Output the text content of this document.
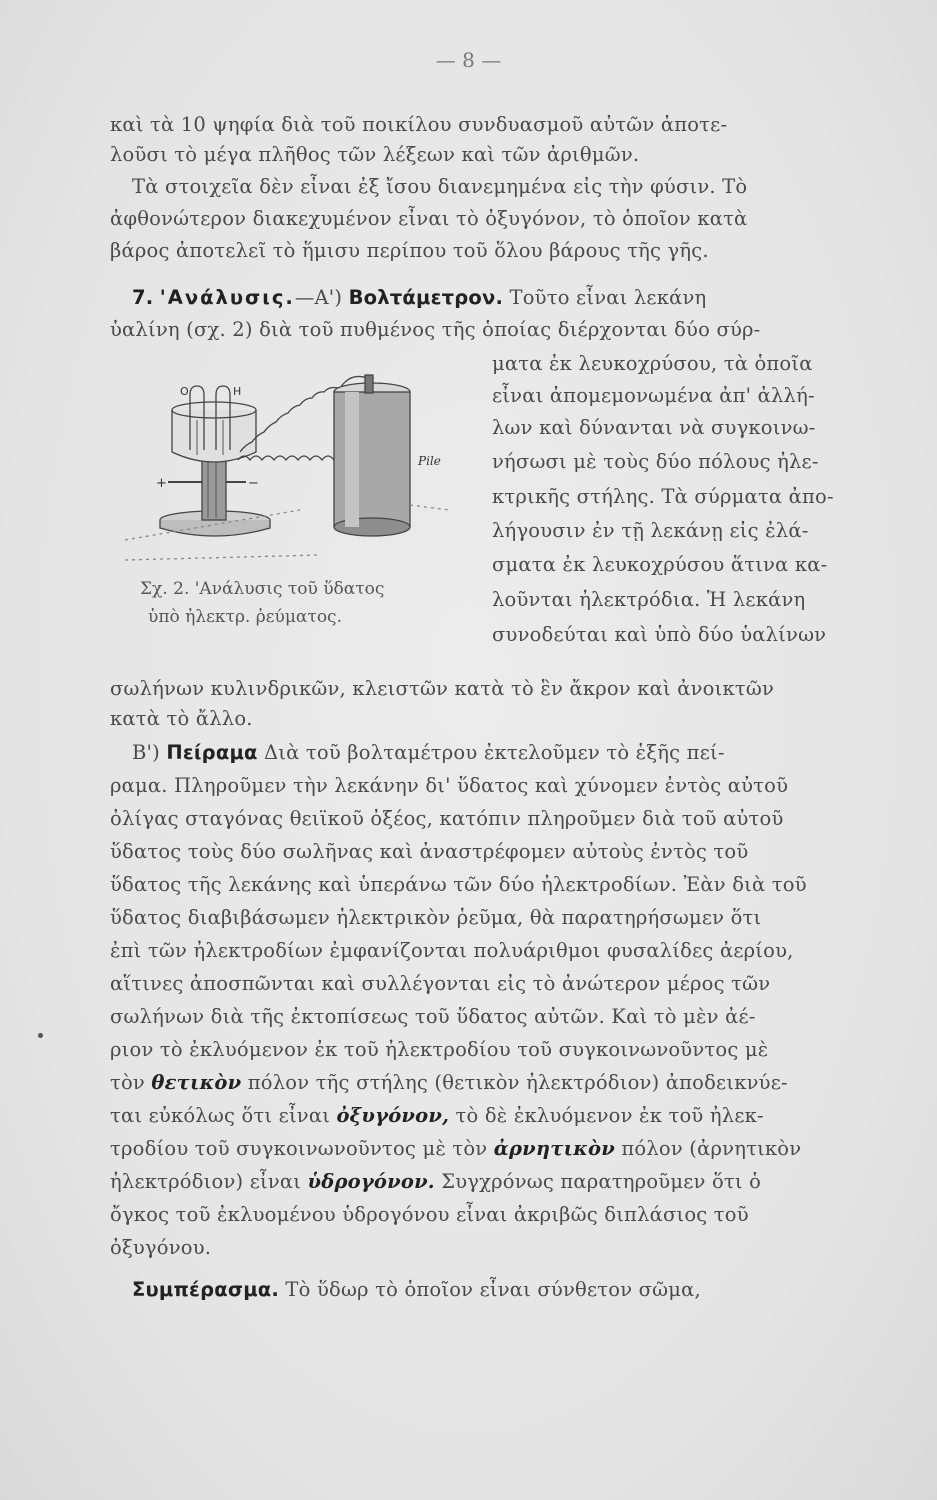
— 8 —
καὶ τὰ 10 ψηφία διὰ τοῦ ποικίλου συνδυασμοῦ αὐτῶν ἀποτε-
λοῦσι τὸ μέγα πλῆθος τῶν λέξεων καὶ τῶν ἀριθμῶν.
Τὰ στοιχεῖα δὲν εἶναι ἐξ ἴσου διανεμημένα εἰς τὴν φύσιν. Τὸ
ἀφθονώτερον διακεχυμένον εἶναι τὸ ὀξυγόνον, τὸ ὁποῖον κατὰ
βάρος ἀποτελεῖ τὸ ἥμισυ περίπου τοῦ ὅλου βάρους τῆς γῆς.
7. 'Ανάλυσις.—Α') Βολτάμετρον. Τοῦτο εἶναι λεκάνη
ὑαλίνη (σχ. 2) διὰ τοῦ πυθμένος τῆς ὁποίας διέρχονται δύο σύρ-
ματα ἐκ λευκοχρύσου, τὰ ὁποῖα
εἶναι ἀπομεμονωμένα ἀπ' ἀλλή-
λων καὶ δύνανται νὰ συγκοινω-
νήσωσι μὲ τοὺς δύο πόλους ἠλε-
κτρικῆς στήλης. Τὰ σύρματα ἀπο-
λήγουσιν ἐν τῇ λεκάνῃ εἰς ἐλά-
σματα ἐκ λευκοχρύσου ἅτινα κα-
λοῦνται ἠλεκτρόδια. Ἡ λεκάνη
συνοδεύται καὶ ὑπὸ δύο ὑαλίνων
O	H
+	−
Pile
Σχ. 2. 'Ανάλυσις τοῦ ὕδατος
ὑπὸ ἠλεκτρ. ῥεύματος.
σωλήνων κυλινδρικῶν, κλειστῶν κατὰ τὸ ἓν ἄκρον καὶ ἀνοικτῶν
κατὰ τὸ ἄλλο.
Β') Πείραμα Διὰ τοῦ βολταμέτρου ἐκτελοῦμεν τὸ ἑξῆς πεί-
ραμα. Πληροῦμεν τὴν λεκάνην δι' ὕδατος καὶ χύνομεν ἐντὸς αὐτοῦ
ὀλίγας σταγόνας θειϊκοῦ ὀξέος, κατόπιν πληροῦμεν διὰ τοῦ αὐτοῦ
ὕδατος τοὺς δύο σωλῆνας καὶ ἀναστρέφομεν αὐτοὺς ἐντὸς τοῦ
ὕδατος τῆς λεκάνης καὶ ὑπεράνω τῶν δύο ἠλεκτροδίων. Ἐὰν διὰ τοῦ
ὕδατος διαβιβάσωμεν ἠλεκτρικὸν ῥεῦμα, θὰ παρατηρήσωμεν ὅτι
ἐπὶ τῶν ἠλεκτροδίων ἐμφανίζονται πολυάριθμοι φυσαλίδες ἀερίου,
αἵτινες ἀποσπῶνται καὶ συλλέγονται εἰς τὸ ἀνώτερον μέρος τῶν
σωλήνων διὰ τῆς ἐκτοπίσεως τοῦ ὕδατος αὐτῶν. Καὶ τὸ μὲν ἀέ-
ριον τὸ ἐκλυόμενον ἐκ τοῦ ἠλεκτροδίου τοῦ συγκοινωνοῦντος μὲ
τὸν θετικὸν πόλον τῆς στήλης (θετικὸν ἠλεκτρόδιον) ἀποδεικνύε-
ται εὐκόλως ὅτι εἶναι ὀξυγόνον, τὸ δὲ ἐκλυόμενον ἐκ τοῦ ἠλεκ-
τροδίου τοῦ συγκοινωνοῦντος μὲ τὸν ἀρνητικὸν πόλον (ἀρνητικὸν
ἠλεκτρόδιον) εἶναι ὑδρογόνον. Συγχρόνως παρατηροῦμεν ὅτι ὁ
ὄγκος τοῦ ἐκλυομένου ὑδρογόνου εἶναι ἀκριβῶς διπλάσιος τοῦ
ὀξυγόνου.
Συμπέρασμα. Τὸ ὕδωρ τὸ ὁποῖον εἶναι σύνθετον σῶμα,
